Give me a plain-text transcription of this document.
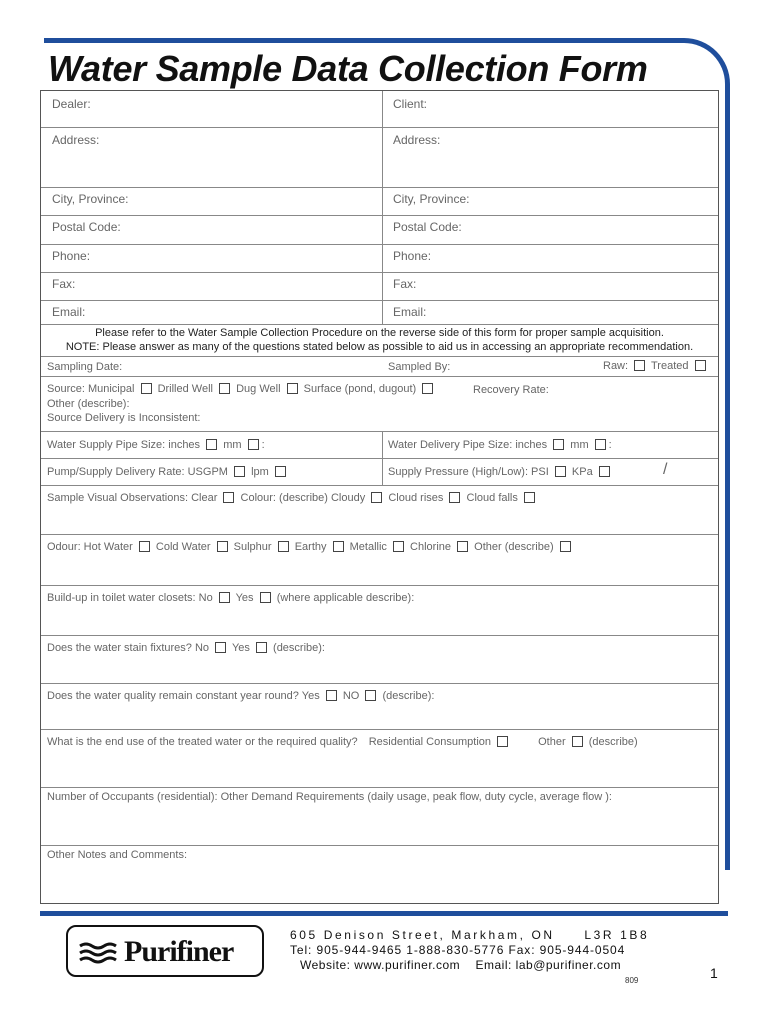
Water Sample Data Collection Form
Dealer:	Client:
Address:	Address:
City, Province:	City, Province:
Postal Code:	Postal Code:
Phone:	Phone:
Fax:	Fax:
Email:	Email:
Please refer to the Water Sample Collection Procedure on the reverse side of this form for proper sample acquisition.
NOTE: Please answer as many of the questions stated below as possible to aid us in accessing an appropriate recommendation.
Sampling Date:	Sampled By:	Raw: Treated
Source: Municipal Drilled Well Dug Well Surface (pond, dugout)	Recovery Rate:
Other (describe):
Source Delivery is Inconsistent:
Water Supply Pipe Size: inches mm :	Water Delivery Pipe Size: inches mm :
Pump/Supply Delivery Rate: USGPM lpm	Supply Pressure (High/Low): PSI KPa	/
Sample Visual Observations: Clear Colour: (describe) Cloudy Cloud rises Cloud falls
Odour: Hot Water Cold Water Sulphur Earthy Metallic Chlorine Other (describe)
Build-up in toilet water closets: No Yes (where applicable describe):
Does the water stain fixtures? No Yes (describe):
Does the water quality remain constant year round? Yes NO (describe):
What is the end use of the treated water or the required quality? Residential Consumption	Other (describe)
Number of Occupants (residential): Other Demand Requirements (daily usage, peak flow, duty cycle, average flow ):
Other Notes and Comments:
Purifiner	605 Denison Street, Markham, ON     L3R 1B8
Tel: 905-944-9465 1-888-830-5776 Fax: 905-944-0504
Website: www.purifiner.com    Email: lab@purifiner.com
809	1
